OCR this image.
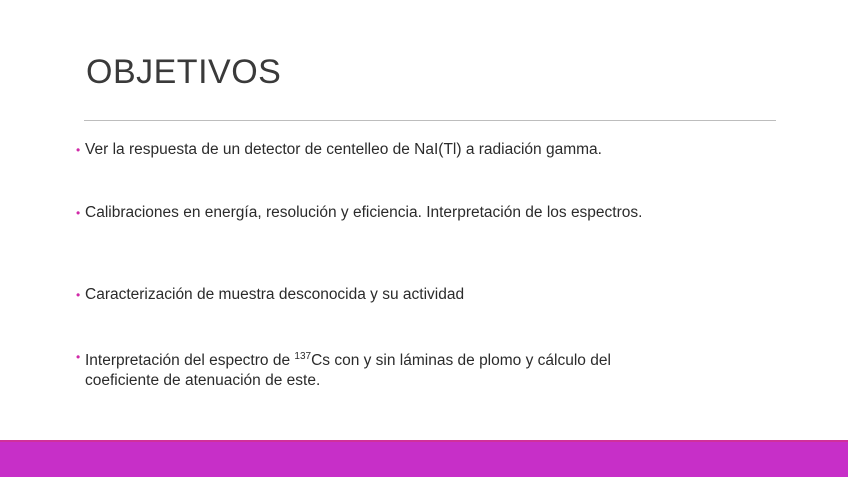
OBJETIVOS
• Ver la respuesta de un detector de centelleo de NaI(Tl) a radiación gamma.
• Calibraciones en energía, resolución y eficiencia. Interpretación de los espectros.
• Caracterización de muestra desconocida y su actividad
• Interpretación del espectro de $^{137}$Cs con y sin láminas de plomo y cálculo del coeficiente de atenuación de este.
